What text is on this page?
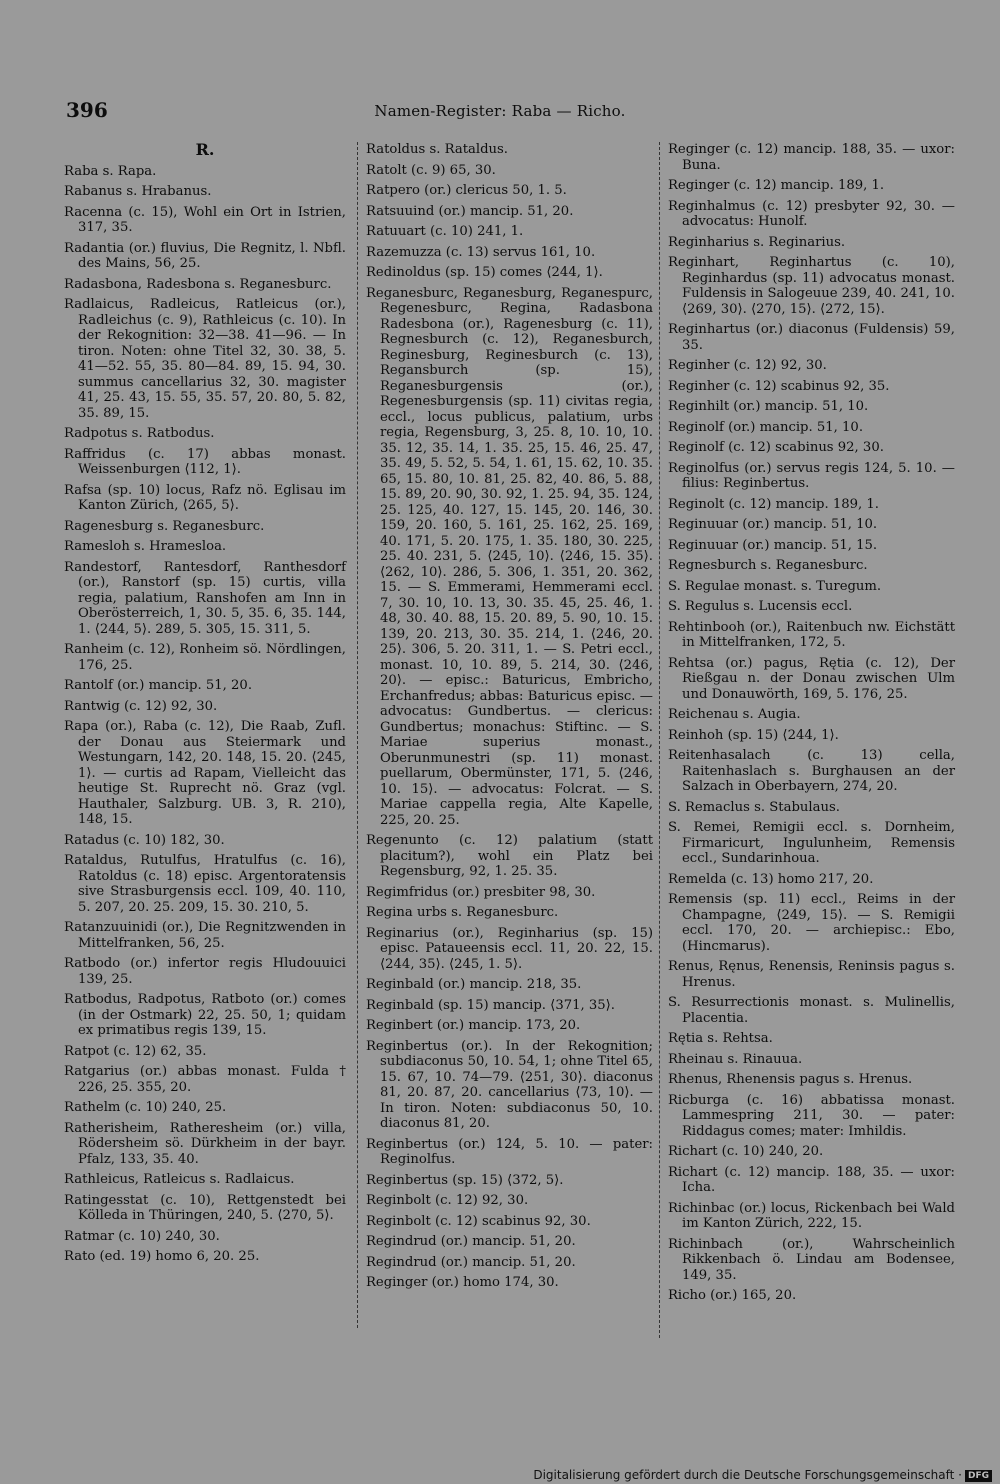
396	Namen-Register: Raba — Richo.
R.
Raba s. Rapa.
Rabanus s. Hrabanus.
Racenna (c. 15), Wohl ein Ort in Istrien, 317, 35.
Radantia (or.) fluvius, Die Regnitz, l. Nbfl. des Mains, 56, 25.
Radasbona, Radesbona s. Reganesburc.
Radlaicus, Radleicus, Ratleicus (or.), Radleichus (c. 9), Rathleicus (c. 10). In der Rekognition: 32—38. 41—96. — In tiron. Noten: ohne Titel 32, 30. 38, 5. 41—52. 55, 35. 80—84. 89, 15. 94, 30. summus cancellarius 32, 30. magister 41, 25. 43, 15. 55, 35. 57, 20. 80, 5. 82, 35. 89, 15.
Radpotus s. Ratbodus.
Raffridus (c. 17) abbas monast. Weissenburgen ⟨112, 1⟩.
Rafsa (sp. 10) locus, Rafz nö. Eglisau im Kanton Zürich, ⟨265, 5⟩.
Ragenesburg s. Reganesburc.
Ramesloh s. Hramesloa.
Randestorf, Rantesdorf, Ranthesdorf (or.), Ranstorf (sp. 15) curtis, villa regia, palatium, Ranshofen am Inn in Oberösterreich, 1, 30. 5, 35. 6, 35. 144, 1. ⟨244, 5⟩. 289, 5. 305, 15. 311, 5.
Ranheim (c. 12), Ronheim sö. Nördlingen, 176, 25.
Rantolf (or.) mancip. 51, 20.
Rantwig (c. 12) 92, 30.
Rapa (or.), Raba (c. 12), Die Raab, Zufl. der Donau aus Steiermark und Westungarn, 142, 20. 148, 15. 20. ⟨245, 1⟩. — curtis ad Rapam, Vielleicht das heutige St. Ruprecht nö. Graz (vgl. Hauthaler, Salzburg. UB. 3, R. 210), 148, 15.
Ratadus (c. 10) 182, 30.
Rataldus, Rutulfus, Hratulfus (c. 16), Ratoldus (c. 18) episc. Argentoratensis sive Strasburgensis eccl. 109, 40. 110, 5. 207, 20. 25. 209, 15. 30. 210, 5.
Ratanzuuinidi (or.), Die Regnitzwenden in Mittelfranken, 56, 25.
Ratbodo (or.) infertor regis Hludouuici 139, 25.
Ratbodus, Radpotus, Ratboto (or.) comes (in der Ostmark) 22, 25. 50, 1; quidam ex primatibus regis 139, 15.
Ratpot (c. 12) 62, 35.
Ratgarius (or.) abbas monast. Fulda † 226, 25. 355, 20.
Rathelm (c. 10) 240, 25.
Ratherisheim, Ratheresheim (or.) villa, Rödersheim sö. Dürkheim in der bayr. Pfalz, 133, 35. 40.
Rathleicus, Ratleicus s. Radlaicus.
Ratingesstat (c. 10), Rettgenstedt bei Kölleda in Thüringen, 240, 5. ⟨270, 5⟩.
Ratmar (c. 10) 240, 30.
Rato (ed. 19) homo 6, 20. 25.
Ratoldus s. Rataldus.
Ratolt (c. 9) 65, 30.
Ratpero (or.) clericus 50, 1. 5.
Ratsuuind (or.) mancip. 51, 20.
Ratuuart (c. 10) 241, 1.
Razemuzza (c. 13) servus 161, 10.
Redinoldus (sp. 15) comes ⟨244, 1⟩.
Reganesburc, Reganesburg, Reganespurc, Regenesburc, Regina, Radasbona Radesbona (or.), Ragenesburg (c. 11), Regnesburch (c. 12), Reganesburch, Reginesburg, Reginesburch (c. 13), Regansburch (sp. 15), Reganesburgensis (or.), Regenesburgensis (sp. 11) civitas regia, eccl., locus publicus, palatium, urbs regia, Regensburg, 3, 25. 8, 10. 10, 10. 35. 12, 35. 14, 1. 35. 25, 15. 46, 25. 47, 35. 49, 5. 52, 5. 54, 1. 61, 15. 62, 10. 35. 65, 15. 80, 10. 81, 25. 82, 40. 86, 5. 88, 15. 89, 20. 90, 30. 92, 1. 25. 94, 35. 124, 25. 125, 40. 127, 15. 145, 20. 146, 30. 159, 20. 160, 5. 161, 25. 162, 25. 169, 40. 171, 5. 20. 175, 1. 35. 180, 30. 225, 25. 40. 231, 5. ⟨245, 10⟩. ⟨246, 15. 35⟩. ⟨262, 10⟩. 286, 5. 306, 1. 351, 20. 362, 15. — S. Emmerami, Hemmerami eccl. 7, 30. 10, 10. 13, 30. 35. 45, 25. 46, 1. 48, 30. 40. 88, 15. 20. 89, 5. 90, 10. 15. 139, 20. 213, 30. 35. 214, 1. ⟨246, 20. 25⟩. 306, 5. 20. 311, 1. — S. Petri eccl., monast. 10, 10. 89, 5. 214, 30. ⟨246, 20⟩. — episc.: Baturicus, Embricho, Erchanfredus; abbas: Baturicus episc. — advocatus: Gundbertus. — clericus: Gundbertus; monachus: Stiftinc. — S. Mariae superius monast., Oberunmunestri (sp. 11) monast. puellarum, Obermünster, 171, 5. ⟨246, 10. 15⟩. — advocatus: Folcrat. — S. Mariae cappella regia, Alte Kapelle, 225, 20. 25.
Regenunto (c. 12) palatium (statt placitum?), wohl ein Platz bei Regensburg, 92, 1. 25. 35.
Regimfridus (or.) presbiter 98, 30.
Regina urbs s. Reganesburc.
Reginarius (or.), Reginharius (sp. 15) episc. Pataueensis eccl. 11, 20. 22, 15. ⟨244, 35⟩. ⟨245, 1. 5⟩.
Reginbald (or.) mancip. 218, 35.
Reginbald (sp. 15) mancip. ⟨371, 35⟩.
Reginbert (or.) mancip. 173, 20.
Reginbertus (or.). In der Rekognition; subdiaconus 50, 10. 54, 1; ohne Titel 65, 15. 67, 10. 74—79. ⟨251, 30⟩. diaconus 81, 20. 87, 20. cancellarius ⟨73, 10⟩. — In tiron. Noten: subdiaconus 50, 10. diaconus 81, 20.
Reginbertus (or.) 124, 5. 10. — pater: Reginolfus.
Reginbertus (sp. 15) ⟨372, 5⟩.
Reginbolt (c. 12) 92, 30.
Reginbolt (c. 12) scabinus 92, 30.
Regindrud (or.) mancip. 51, 20.
Regindrud (or.) mancip. 51, 20.
Reginger (or.) homo 174, 30.
Reginger (c. 12) mancip. 188, 35. — uxor: Buna.
Reginger (c. 12) mancip. 189, 1.
Reginhalmus (c. 12) presbyter 92, 30. — advocatus: Hunolf.
Reginharius s. Reginarius.
Reginhart, Reginhartus (c. 10), Reginhardus (sp. 11) advocatus monast. Fuldensis in Salogeuue 239, 40. 241, 10. ⟨269, 30⟩. ⟨270, 15⟩. ⟨272, 15⟩.
Reginhartus (or.) diaconus (Fuldensis) 59, 35.
Reginher (c. 12) 92, 30.
Reginher (c. 12) scabinus 92, 35.
Reginhilt (or.) mancip. 51, 10.
Reginolf (or.) mancip. 51, 10.
Reginolf (c. 12) scabinus 92, 30.
Reginolfus (or.) servus regis 124, 5. 10. — filius: Reginbertus.
Reginolt (c. 12) mancip. 189, 1.
Reginuuar (or.) mancip. 51, 10.
Reginuuar (or.) mancip. 51, 15.
Regnesburch s. Reganesburc.
S. Regulae monast. s. Turegum.
S. Regulus s. Lucensis eccl.
Rehtinbooh (or.), Raitenbuch nw. Eichstätt in Mittelfranken, 172, 5.
Rehtsa (or.) pagus, Rętia (c. 12), Der Rießgau n. der Donau zwischen Ulm und Donauwörth, 169, 5. 176, 25.
Reichenau s. Augia.
Reinhoh (sp. 15) ⟨244, 1⟩.
Reitenhasalach (c. 13) cella, Raitenhaslach s. Burghausen an der Salzach in Oberbayern, 274, 20.
S. Remaclus s. Stabulaus.
S. Remei, Remigii eccl. s. Dornheim, Firmaricurt, Ingulunheim, Remensis eccl., Sundarinhoua.
Remelda (c. 13) homo 217, 20.
Remensis (sp. 11) eccl., Reims in der Champagne, ⟨249, 15⟩. — S. Remigii eccl. 170, 20. — archiepisc.: Ebo, (Hincmarus).
Renus, Ręnus, Renensis, Reninsis pagus s. Hrenus.
S. Resurrectionis monast. s. Mulinellis, Placentia.
Rętia s. Rehtsa.
Rheinau s. Rinauua.
Rhenus, Rhenensis pagus s. Hrenus.
Ricburga (c. 16) abbatissa monast. Lammespring 211, 30. — pater: Riddagus comes; mater: Imhildis.
Richart (c. 10) 240, 20.
Richart (c. 12) mancip. 188, 35. — uxor: Icha.
Richinbac (or.) locus, Rickenbach bei Wald im Kanton Zürich, 222, 15.
Richinbach (or.), Wahrscheinlich Rikkenbach ö. Lindau am Bodensee, 149, 35.
Richo (or.) 165, 20.
Digitalisierung gefördert durch die Deutsche Forschungsgemeinschaft · DFG
